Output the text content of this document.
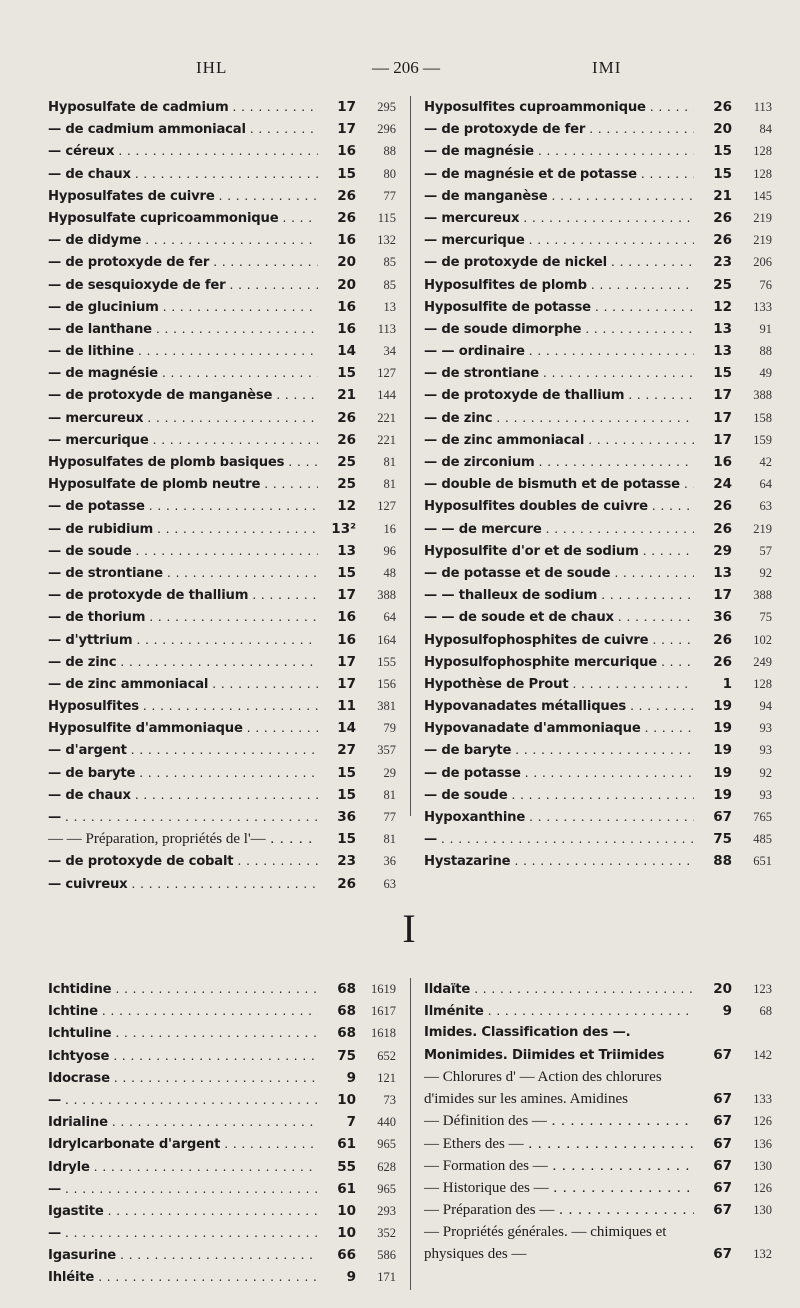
IHL	— 206 —	IMI
Hyposulfate de cadmium . . .	17	295
— de cadmium ammoniacal . . .	17	296
— céreux . . .	16	88
— de chaux . . .	15	80
Hyposulfates de cuivre . . .	26	77
Hyposulfate cupricoammonique . . .	26	115
— de didyme . . .	16	132
— de protoxyde de fer . . .	20	85
— de sesquioxyde de fer . . .	20	85
— de glucinium . . .	16	13
— de lanthane . . .	16	113
— de lithine . . .	14	34
— de magnésie . . .	15	127
— de protoxyde de manganèse . . .	21	144
— mercureux . . .	26	221
— mercurique . . .	26	221
Hyposulfates de plomb basiques . . .	25	81
Hyposulfate de plomb neutre . . .	25	81
— de potasse . . .	12	127
— de rubidium . . .	13²	16
— de soude . . .	13	96
— de strontiane . . .	15	48
— de protoxyde de thallium . . .	17	388
— de thorium . . .	16	64
— d'yttrium . . .	16	164
— de zinc . . .	17	155
— de zinc ammoniacal . . .	17	156
Hyposulfites . . .	11	381
Hyposulfite d'ammoniaque . . .	14	79
— d'argent . . .	27	357
— de baryte . . .	15	29
— de chaux . . .	15	81
— . . .	36	77
— — Préparation, propriétés de l'— . . .	15	81
— de protoxyde de cobalt . . .	23	36
— cuivreux . . .	26	63
Hyposulfites cuproammonique . . .	26	113
— de protoxyde de fer . . .	20	84
— de magnésie . . .	15	128
— de magnésie et de potasse . . .	15	128
— de manganèse . . .	21	145
— mercureux . . .	26	219
— mercurique . . .	26	219
— de protoxyde de nickel . . .	23	206
Hyposulfites de plomb . . .	25	76
Hyposulfite de potasse . . .	12	133
— de soude dimorphe . . .	13	91
— — ordinaire . . .	13	88
— de strontiane . . .	15	49
— de protoxyde de thallium . . .	17	388
— de zinc . . .	17	158
— de zinc ammoniacal . . .	17	159
— de zirconium . . .	16	42
— double de bismuth et de potasse . . .	24	64
Hyposulfites doubles de cuivre . . .	26	63
— — de mercure . . .	26	219
Hyposulfite d'or et de sodium . . .	29	57
— de potasse et de soude . . .	13	92
— — thalleux de sodium . . .	17	388
— — de soude et de chaux . . .	36	75
Hyposulfophosphites de cuivre . . .	26	102
Hyposulfophosphite mercurique . . .	26	249
Hypothèse de Prout . . .	1	128
Hypovanadates métalliques . . .	19	94
Hypovanadate d'ammoniaque . . .	19	93
— de baryte . . .	19	93
— de potasse . . .	19	92
— de soude . . .	19	93
Hypoxanthine . . .	67	765
— . . .	75	485
Hystazarine . . .	88	651
I
Ichtidine . . .	68	1619
Ichtine . . .	68	1617
Ichtuline . . .	68	1618
Ichtyose . . .	75	652
Idocrase . . .	9	121
— . . .	10	73
Idrialine . . .	7	440
Idrylcarbonate d'argent . . .	61	965
Idryle . . .	55	628
— . . .	61	965
Igastite . . .	10	293
— . . .	10	352
Igasurine . . .	66	586
Ihléite . . .	9	171
Ildaïte . . .	20	123
Ilménite . . .	9	68
Imides. Classification des —. Monimides. Diimides et Triimides	67	142
— Chlorures d' — Action des chlorures d'imides sur les amines. Amidines	67	133
— Définition des — . . .	67	126
— Ethers des — . . .	67	136
— Formation des — . . .	67	130
— Historique des — . . .	67	126
— Préparation des — . . .	67	130
— Propriétés générales. — chimiques et physiques des —	67	132
